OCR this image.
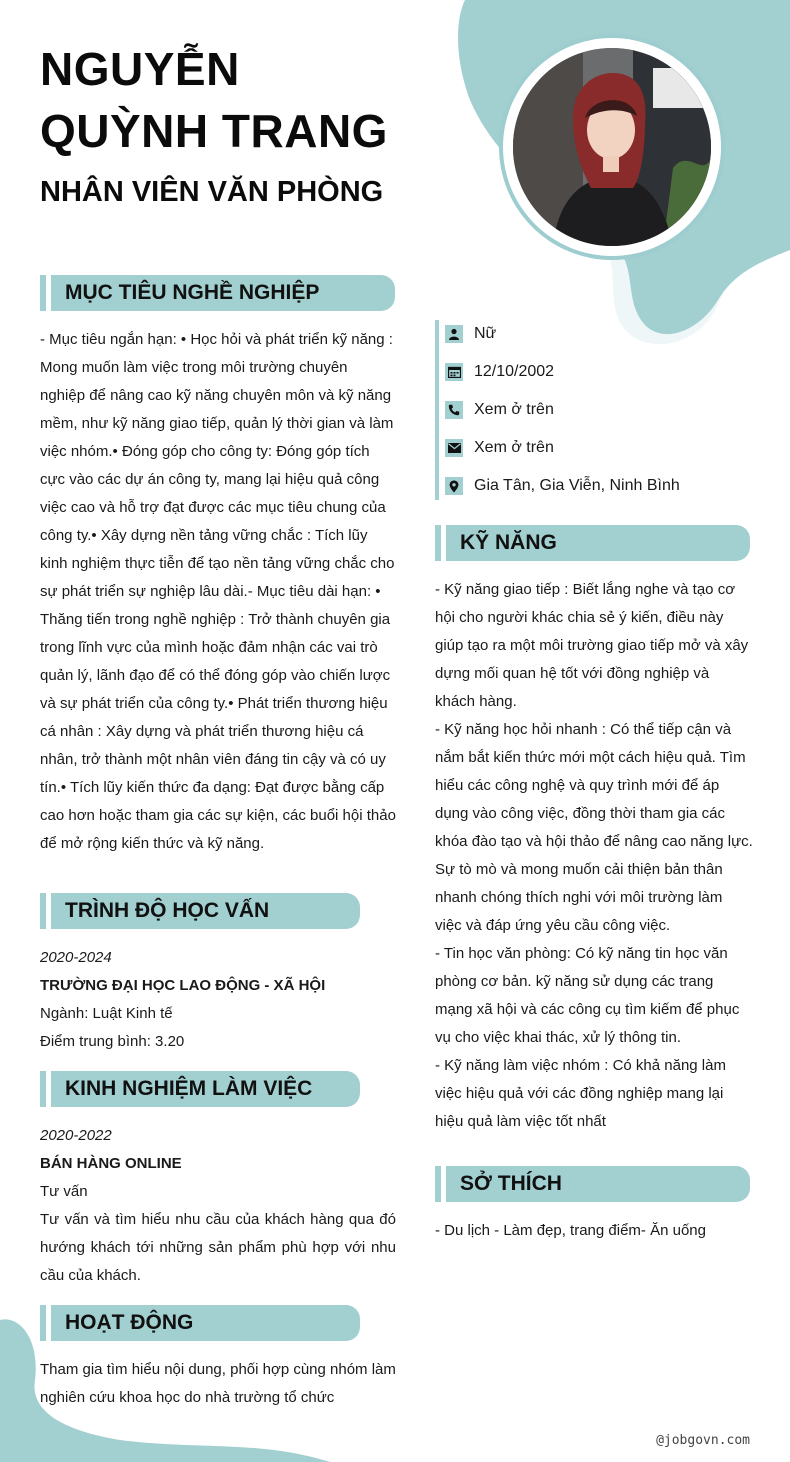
NGUYỄN
QUỲNH TRANG
NHÂN VIÊN VĂN PHÒNG
MỤC TIÊU NGHỀ NGHIỆP
- Mục tiêu ngắn hạn: • Học hỏi và phát triển kỹ năng : Mong muốn làm việc trong môi trường chuyên nghiệp để nâng cao kỹ năng chuyên môn và kỹ năng mềm, như kỹ năng giao tiếp, quản lý thời gian và làm việc nhóm.• Đóng góp cho công ty: Đóng góp tích cực vào các dự án công ty, mang lại hiệu quả công việc cao và hỗ trợ đạt được các mục tiêu chung của công ty.• Xây dựng nền tảng vững chắc : Tích lũy kinh nghiệm thực tiễn để tạo nền tảng vững chắc cho sự phát triển sự nghiệp lâu dài.- Mục tiêu dài hạn: • Thăng tiến trong nghề nghiệp : Trở thành chuyên gia trong lĩnh vực của mình hoặc đảm nhận các vai trò quản lý, lãnh đạo để có thể đóng góp vào chiến lược và sự phát triển của công ty.• Phát triển thương hiệu cá nhân : Xây dựng và phát triển thương hiệu cá nhân, trở thành một nhân viên đáng tin cậy và có uy tín.• Tích lũy kiến thức đa dạng: Đạt được bằng cấp cao hơn hoặc tham gia các sự kiện, các buổi hội thảo để mở rộng kiến thức và kỹ năng.
TRÌNH ĐỘ HỌC VẤN
2020-2024
TRƯỜNG ĐẠI HỌC LAO ĐỘNG - XÃ HỘI
Ngành: Luật Kinh tế
Điểm trung bình: 3.20
KINH NGHIỆM LÀM VIỆC
2020-2022
BÁN HÀNG ONLINE
Tư vấn
Tư vấn và tìm hiểu nhu cầu của khách hàng qua đó hướng khách tới những sản phẩm phù hợp với nhu cầu của khách.
HOẠT ĐỘNG
Tham gia tìm hiểu nội dung, phối hợp cùng nhóm làm nghiên cứu khoa học do nhà trường tổ chức
Nữ
12/10/2002
Xem ở trên
Xem ở trên
Gia Tân, Gia Viễn, Ninh Bình
KỸ NĂNG
- Kỹ năng giao tiếp : Biết lắng nghe và tạo cơ hội cho người khác chia sẻ ý kiến, điều này giúp tạo ra một môi trường giao tiếp mở và xây dựng mối quan hệ tốt với đồng nghiệp và khách hàng.
- Kỹ năng học hỏi nhanh : Có thể tiếp cận và nắm bắt kiến thức mới một cách hiệu quả. Tìm hiểu các công nghệ và quy trình mới để áp dụng vào công việc, đồng thời tham gia các khóa đào tạo và hội thảo để nâng cao năng lực. Sự tò mò và mong muốn cải thiện bản thân nhanh chóng thích nghi với môi trường làm việc và đáp ứng yêu cầu công việc.
- Tin học văn phòng: Có kỹ năng tin học văn phòng cơ bản. kỹ năng sử dụng các trang mạng xã hội và các công cụ tìm kiếm để phục vụ cho việc khai thác, xử lý thông tin.
- Kỹ năng làm việc nhóm : Có khả năng làm việc hiệu quả với các đồng nghiệp mang lại hiệu quả làm việc tốt nhất
SỞ THÍCH
- Du lịch - Làm đẹp, trang điểm- Ăn uống
@jobgovn.com
